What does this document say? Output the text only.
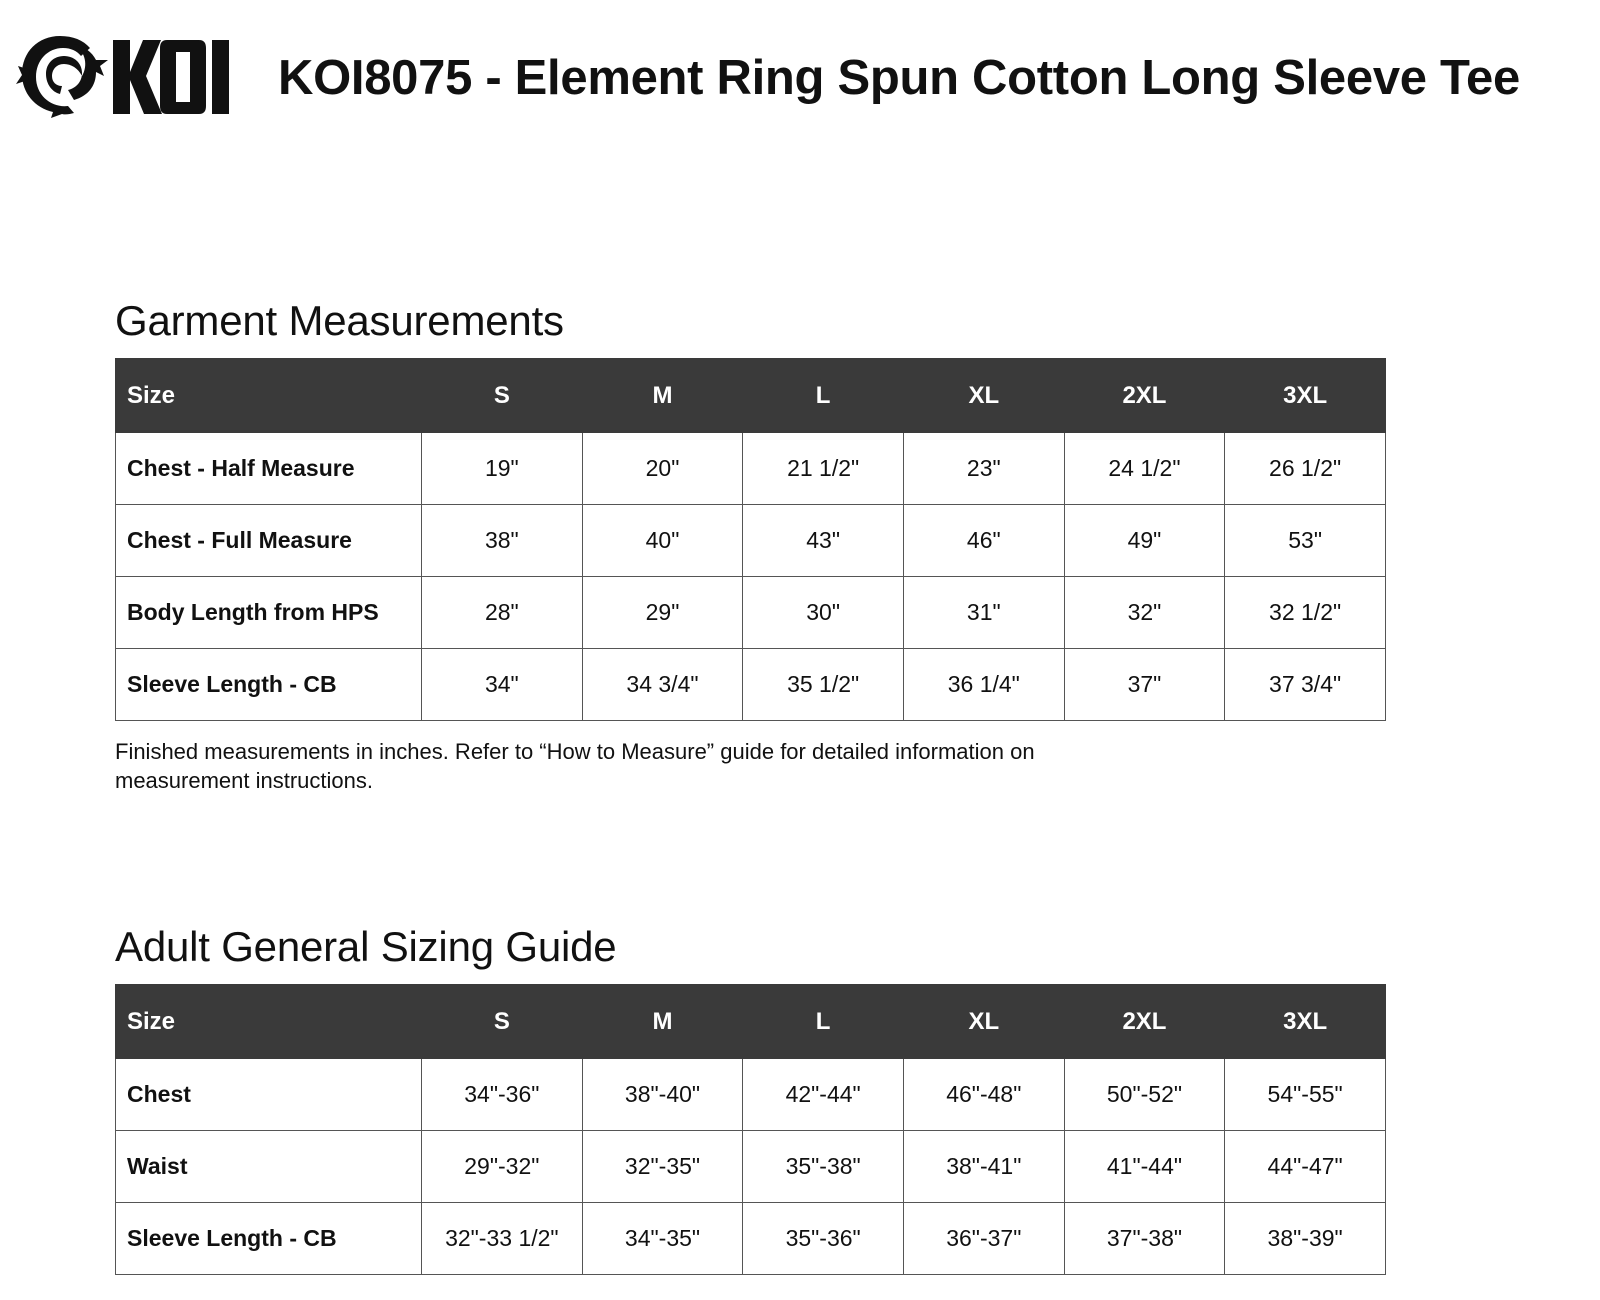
KOI8075 - Element Ring Spun Cotton Long Sleeve Tee
Garment Measurements
Size	S	M	L	XL	2XL	3XL
Chest - Half Measure	19"	20"	21 1/2"	23"	24 1/2"	26 1/2"
Chest - Full Measure	38"	40"	43"	46"	49"	53"
Body Length from HPS	28"	29"	30"	31"	32"	32 1/2"
Sleeve Length - CB	34"	34 3/4"	35 1/2"	36 1/4"	37"	37 3/4"
Finished measurements in inches. Refer to “How to Measure” guide for detailed information on measurement instructions.
Adult General Sizing Guide
Size	S	M	L	XL	2XL	3XL
Chest	34"-36"	38"-40"	42"-44"	46"-48"	50"-52"	54"-55"
Waist	29"-32"	32"-35"	35"-38"	38"-41"	41"-44"	44"-47"
Sleeve Length - CB	32"-33 1/2"	34"-35"	35"-36"	36"-37"	37"-38"	38"-39"
